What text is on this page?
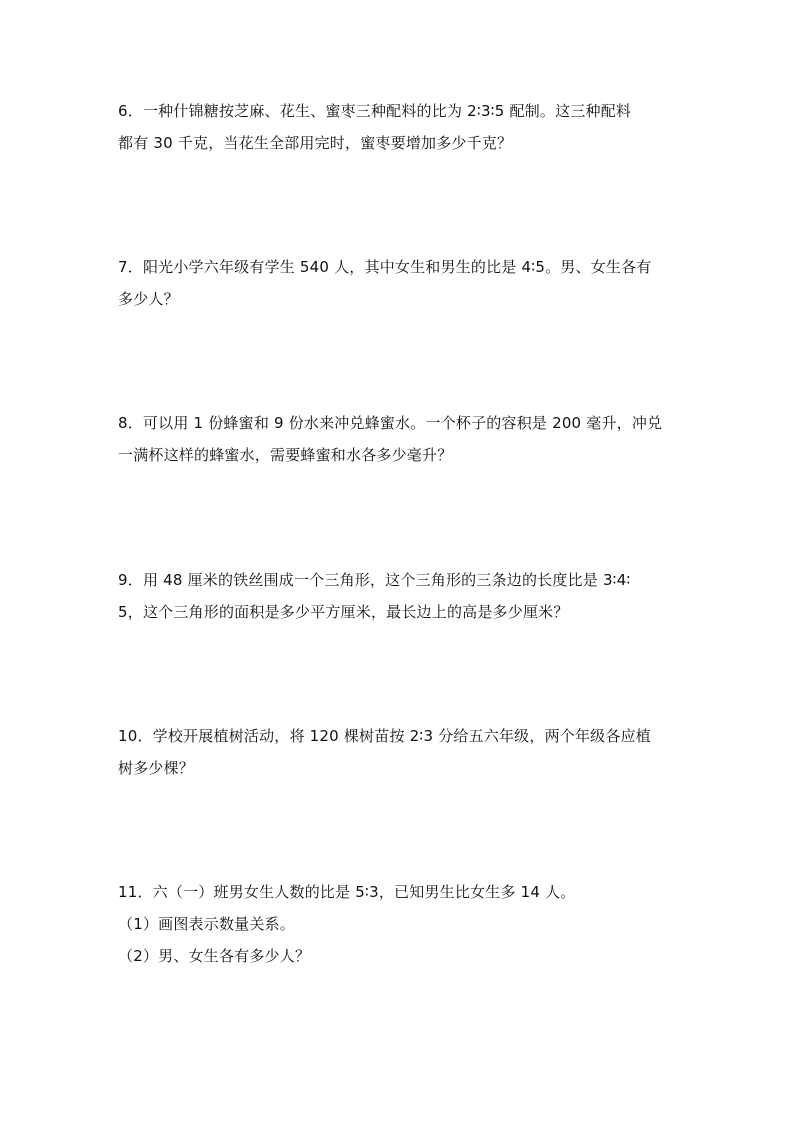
6．一种什锦糖按芝麻、花生、蜜枣三种配料的比为 2∶3∶5 配制。这三种配料
都有 30 千克，当花生全部用完时，蜜枣要增加多少千克？
7．阳光小学六年级有学生 540 人，其中女生和男生的比是 4∶5。男、女生各有
多少人？
8．可以用 1 份蜂蜜和 9 份水来冲兑蜂蜜水。一个杯子的容积是 200 毫升，冲兑
一满杯这样的蜂蜜水，需要蜂蜜和水各多少毫升？
9．用 48 厘米的铁丝围成一个三角形，这个三角形的三条边的长度比是 3∶4∶
5，这个三角形的面积是多少平方厘米，最长边上的高是多少厘米？
10．学校开展植树活动，将 120 棵树苗按 2∶3 分给五六年级，两个年级各应植
树多少棵？
11．六（一）班男女生人数的比是 5∶3，已知男生比女生多 14 人。
（1）画图表示数量关系。
（2）男、女生各有多少人？
